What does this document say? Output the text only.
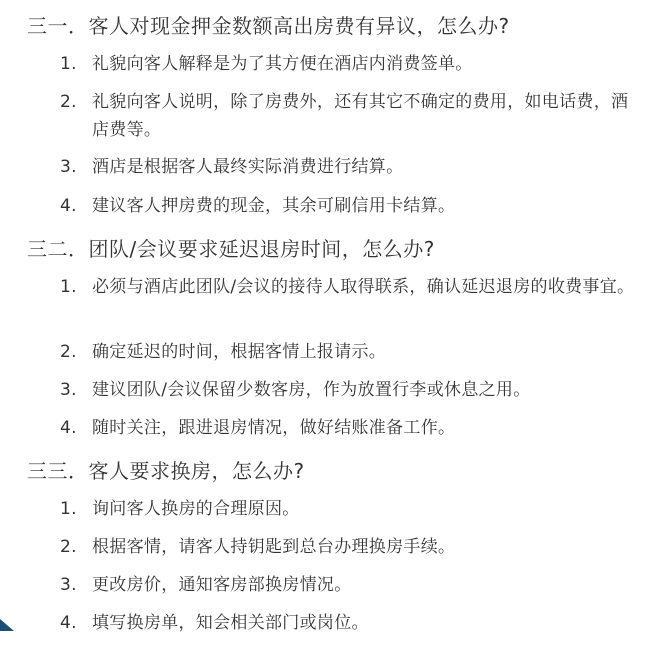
三一．客人对现金押金数额高出房费有异议，怎么办?
1. 礼貌向客人解释是为了其方便在酒店内消费签单。
2. 礼貌向客人说明，除了房费外，还有其它不确定的费用，如电话费，酒店费等。
3. 酒店是根据客人最终实际消费进行结算。
4. 建议客人押房费的现金，其余可刷信用卡结算。
三二．团队/会议要求延迟退房时间，怎么办?
1. 必须与酒店此团队/会议的接待人取得联系，确认延迟退房的收费事宜。
2. 确定延迟的时间，根据客情上报请示。
3. 建议团队/会议保留少数客房，作为放置行李或休息之用。
4. 随时关注，跟进退房情况，做好结账准备工作。
三三．客人要求换房，怎么办?
1. 询问客人换房的合理原因。
2. 根据客情，请客人持钥匙到总台办理换房手续。
3. 更改房价，通知客房部换房情况。
4. 填写换房单，知会相关部门或岗位。
